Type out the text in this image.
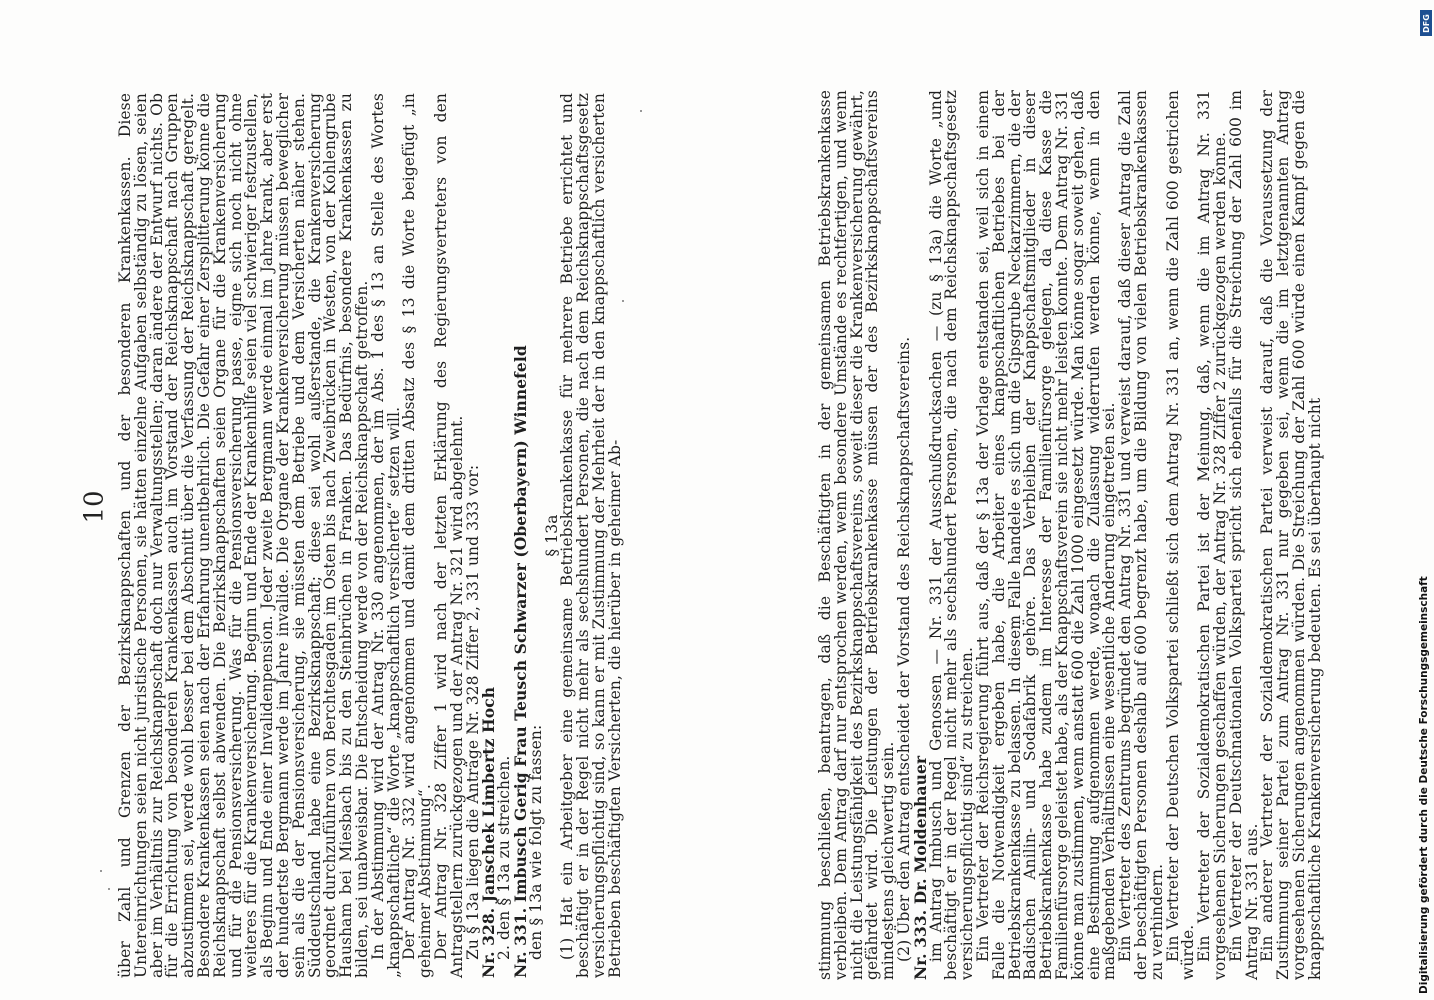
10 über Zahl und Grenzen der Bezirksknappschaften und der besonderen Krankenkassen. Diese Untereinrichtungen seien nicht juristische Personen, sie hätten einzelne Aufgaben selbständig zu lösen, seien aber im Verhältnis zur Reichsknappschaft doch nur Verwaltungsstellen; daran ändere der Entwurf nichts. Ob für die Errichtung von besonderen Krankenkassen auch im Vorstand der Reichsknappschaft nach Gruppen abzustimmen sei, werde wohl besser bei dem Abschnitt über die Verfassung der Reichsknappschaft geregelt. Besondere Krankenkassen seien nach der Erfahrung unentbehrlich. Die Gefahr einer Zersplitterung könne die Reichsknappschaft selbst abwenden. Die Bezirksknappschaften seien Organe für die Krankenversicherung und für die Pensionsversicherung. Was für die Pensionsversicherung passe, eigne sich noch nicht ohne weiteres für die Krankenversicherung. Beginn und Ende der Krankenhilfe seien viel schwieriger festzustellen, als Beginn und Ende einer Invalidenpension. Jeder zweite Bergmann werde einmal im Jahre krank, aber erst der hundertste Bergmann werde im Jahre invalide. Die Organe der Krankenversicherung müssen beweglicher sein als die der Pensionsversicherung, sie müssten dem Betriebe und dem Versicherten näher stehen. Süddeutschland habe eine Bezirksknappschaft; diese sei wohl außerstande, die Krankenversicherung geordnet durchzuführen von Berchtesgaden im Osten bis nach Zweibrücken in Westen, von der Kohlengrube Hausham bei Miesbach bis zu den Steinbrüchen in Franken. Das Bedürfnis, besondere Krankenkassen zu bilden, sei unabweisbar. Die Entscheidung werde von der Reichsknappschaft getroffen.

In der Abstimmung wird der Antrag Nr. 330 angenommen, der im Abs. 1 des § 13 an Stelle des Wortes „knappschaftliche“ die Worte „knappschaftlich versicherte“ setzen will.

Der Antrag Nr. 332 wird angenommen und damit dem dritten Absatz des § 13 die Worte beigefügt „in geheimer Abstimmung“.

Der Antrag Nr. 328 Ziffer 1 wird nach der letzten Erklärung des Regierungsvertreters von den Antragstellern zurückgezogen und der Antrag Nr. 321 wird abgelehnt.

Zu § 13a liegen die Anträge Nr. 328 Ziffer 2, 331 und 333 vor:

Nr. 328. Janschek Limbertz Hoch

2. den § 13a zu streichen.

Nr. 331. Imbusch Gerig Frau Teusch Schwarzer (Oberbayern) Winnefeld

den § 13a wie folgt zu fassen:

§ 13a

(1) Hat ein Arbeitgeber eine gemeinsame Betriebskrankenkasse für mehrere Betriebe errichtet und beschäftigt er in der Regel nicht mehr als sechshundert Personen, die nach dem Reichsknappschaftsgesetz versicherungspflichtig sind, so kann er mit Zustimmung der Mehrheit der in den knappschaftlich versicherten Betrieben beschäftigten Versicherten, die hierüber in geheimer Ab-	stimmung beschließen, beantragen, daß die Beschäftigten in der gemeinsamen Betriebskrankenkasse verbleiben. Dem Antrag darf nur entsprochen werden, wenn besondere Umstände es rechtfertigen, und wenn nicht die Leistungsfähigkeit des Bezirksknappschaftsvereins, soweit dieser die Krankenversicherung gewährt, gefährdet wird. Die Leistungen der Betriebskrankenkasse müssen der des Bezirksknappschaftsvereins mindestens gleichwertig sein.

(2) Über den Antrag entscheidet der Vorstand des Reichsknappschaftsvereins.

Nr. 333. Dr. Moldenhauer

im Antrag Imbusch und Genossen — Nr. 331 der Ausschußdrucksachen — (zu § 13a) die Worte „und beschäftigt er in der Regel nicht mehr als sechshundert Personen, die nach dem Reichsknappschaftsgesetz versicherungspflichtig sind“ zu streichen.

Ein Vertreter der Reichsregierung führt aus, daß der § 13a der Vorlage entstanden sei, weil sich in einem Falle die Notwendigkeit ergeben habe, die Arbeiter eines knappschaftlichen Betriebes bei der Betriebskrankenkasse zu belassen. In diesem Falle handele es sich um die Gipsgrube Neckarzimmern, die der Badischen Anilin- und Sodafabrik gehöre. Das Verbleiben der Knappschaftsmitglieder in dieser Betriebskrankenkasse habe zudem im Interesse der Familienfürsorge gelegen, da diese Kasse die Familienfürsorge geleistet habe, als der Knappschaftsverein sie nicht mehr leisten konnte. Dem Antrag Nr. 331 könne man zustimmen, wenn anstatt 600 die Zahl 1000 eingesetzt würde. Man könne sogar soweit gehen, daß eine Bestimmung aufgenommen werde, wonach die Zulassung widerrufen werden könne, wenn in den maßgebenden Verhältnissen eine wesentliche Änderung eingetreten sei.

Ein Vertreter des Zentrums begründet den Antrag Nr. 331 und verweist darauf, daß dieser Antrag die Zahl der beschäftigten Personen deshalb auf 600 begrenzt habe, um die Bildung von vielen Betriebskrankenkassen zu verhindern.

Ein Vertreter der Deutschen Volkspartei schließt sich dem Antrag Nr. 331 an, wenn die Zahl 600 gestrichen würde.

Ein Vertreter der Sozialdemokratischen Partei ist der Meinung, daß, wenn die im Antrag Nr. 331 vorgesehenen Sicherungen geschaffen würden, der Antrag Nr. 328 Ziffer 2 zurückgezogen werden könne.

Ein Vertreter der Deutschnationalen Volkspartei spricht sich ebenfalls für die Streichung der Zahl 600 im Antrag Nr. 331 aus.

Ein anderer Vertreter der Sozialdemokratischen Partei verweist darauf, daß die Voraussetzung der Zustimmung seiner Partei zum Antrag Nr. 331 nur gegeben sei, wenn die im letztgenannten Antrag vorgesehenen Sicherungen angenommen würden. Die Streichung der Zahl 600 würde einen Kampf gegen die knappschaftliche Krankenversicherung bedeuten. Es sei überhaupt nicht

DFG
Digitalisierung gefördert durch die Deutsche Forschungsgemeinschaft
